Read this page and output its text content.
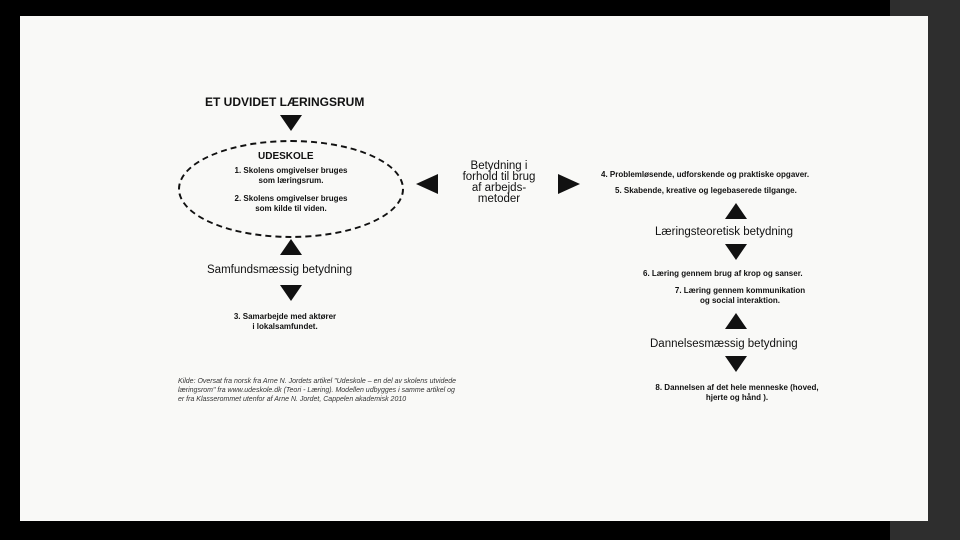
ET UDVIDET LÆRINGSRUM
UDESKOLE
1. Skolens omgivelser bruges
som læringsrum.
2. Skolens omgivelser bruges
som kilde til viden.
Betydning i
forhold til brug
af arbejds-
metoder
Samfundsmæssig betydning
3. Samarbejde med aktører
i lokalsamfundet.
Kilde: Oversat fra norsk fra Arne N. Jordets artikel "Udeskole – en del av skolens utvidede
læringsrom" fra www.udeskole.dk (Teori - Læring). Modellen udbygges i samme artikel og
er fra Klasserommet utenfor af Arne N. Jordet, Cappelen akademisk 2010
4. Problemløsende, udforskende og praktiske opgaver.
5. Skabende, kreative og legebaserede tilgange.
Læringsteoretisk betydning
6. Læring gennem brug af krop og sanser.
7. Læring gennem kommunikation
og social interaktion.
Dannelsesmæssig betydning
8. Dannelsen af det hele menneske (hoved,
hjerte og hånd ).
